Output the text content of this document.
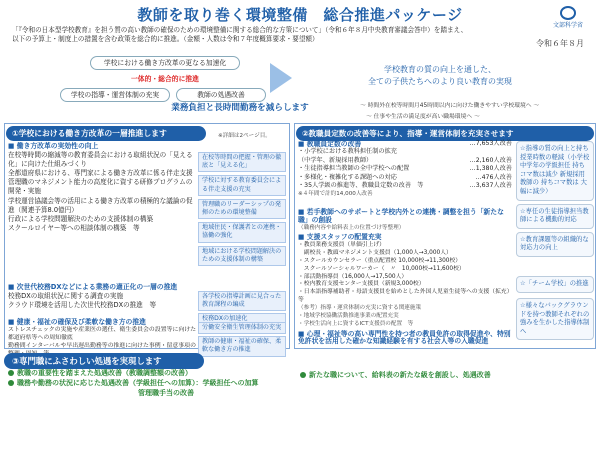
教師を取り巻く環境整備　総合推進パッケージ
文部科学省
令和６年８月
「『令和の日本型学校教育』を担う質の高い教師の確保のための環境整備に関する総合的な方策について」（令和６年８月中央教育審議会答申）を踏まえ、
以下の予算上・制度上の措置を含む政策を総合的に推進。（金額・人数は令和７年度概算要求・要望額）
学校における働き方改革の更なる加速化
一体的・総合的に推進
学校の指導・運営体制の充実	教師の処遇改善
学校教育の質の向上を通した、
全ての子供たちへのより良い教育の実現
業務負担と長時間勤務を減らします	～ 時間外在校等時間月45時間以内に向けた働きやすい学校環境へ ～
～ 仕事や生活の満足度が高い職場環境へ ～
①学校における働き方改革の一層推進します	※詳細は2ページ目。
■ 働き方改革の実効性の向上
在校等時間の縮減等の教育委員会における取組状況の「見える化」に向けた仕組みづくり
全都道府県における、専門家による働き方改革に係る伴走支援
管理職のマネジメント能力の高度化に資する研修プログラムの開発・実施
学校運営協議会等の活用による働き方改革の積極的な議論の促進（関連予算8.0億円）
行政による学校問題解決のための支援体制の構築
スクールロイヤー等への相談体制の構築　等
在校等時間の把握・管理の徹底と「見える化」
学校に対する教育委員会による伴走支援の充実
管理職のリーダーシップの発揮のための環境整備
地域住民・保護者との連携・協働の強化
地域における学校問題解決のための支援体制の構築
■ 次世代校務DXなどによる業務の適正化の一層の推進
校務DXの取組状況に関する調査の実施
クラウド環境を活用した次世代校務DXの推進　等
各学校の指導計画に見合った教育課程の編成
校務DXの加速化
■ 健康・福祉の確保及び柔軟な働き方の推進
ストレスチェックの実施や産業医の選任、衛生委員会の設置等に向けた都道府県等への周知徹底
勤務間インターバルや早出遅出勤務等の推進に向けた事例・留意事項の　
労働安全衛生管理体制の充実
教師の健康・福祉の確保、柔軟な働き方の推進
②教職員定数の改善等により、指導・運営体制を充実させます
■ 教職員定数の改善	…7,653人改善
・小学校における教科担任制の拡充
（中学年、新規採用教師）	…2,160人改善
・生徒指導担当教師の全中学校への配置	…1,380人改善
・多様化・複雑化する課題への対応	…476人改善
・35人学級の推進等、教職員定数の改善　等	…3,637人改善
※４年間で計約14,000人改善
■ 若手教師へのサポートと学校内外との連携・調整を担う「新たな職」の創設
（職務内容や給料表上の位置づけ等整理）
■ 支援スタッフの配置充実
・教員業務支援員（単価引上げ）
　副校長・教頭マネジメント支援員（1,000人→3,000人）
・スクールカウンセラー（重点配置校 10,000校→11,300校）
　スクールソーシャルワーカー（　〃　10,000校→11,600校）
・部活動指導員（16,000人→17,500人）
・校内教育支援センター支援員（新規3,000校）
・日本語指導補助者・母語支援員を始めとした外国人児童生徒等への支援（拡充）等
（参考）指導・運営体制の充実に資する関連施策
・地域学校協働活動推進事業の配置充実
・学校生活向上に資するICT支援員の配置　等
■ 心理・福祉等の高い専門性を持つ者の教員免許の取得促進や、特別免許状を活用した確かな知識経験を有する社会人等の入職促進
☆指導の質の向上と持ち授業時数の軽減（小学校中学年の学級担任 持ちコマ数は減少 新規採用教師の 持ちコマ数は 大幅に減少）
☆専任の生徒指導担当教師による機動的対応
☆教育課題等の組織的な対応力の向上
☆「チーム学校」の推進
☆様々なバックグラウンドを持つ教師それぞれの強みを生かした指導体制へ
③専門職にふさわしい処遇を実現します
教職の重要性を踏まえた処遇改善（教職調整額の改善）
職務や勤務の状況に応じた処遇改善（学級担任への加算）：学級担任への加算
管理職手当の改善
新たな職について、給料表の新たな級を創設し、処遇改善
